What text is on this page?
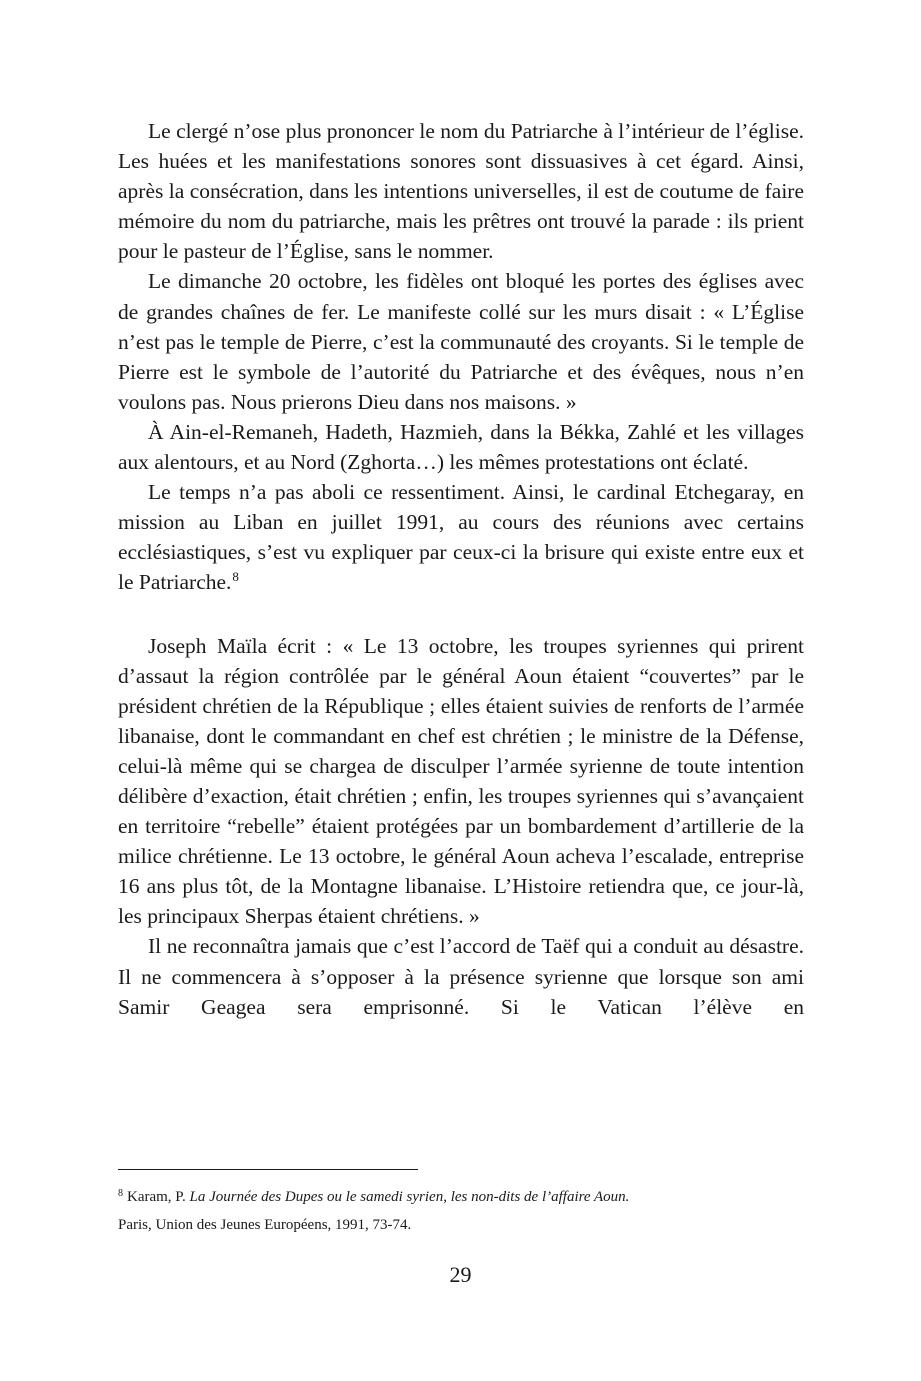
Le clergé n’ose plus prononcer le nom du Patriarche à l’intérieur de l’église. Les huées et les manifestations sonores sont dissuasives à cet égard. Ainsi, après la consécration, dans les intentions universelles, il est de coutume de faire mémoire du nom du patriarche, mais les prêtres ont trouvé la parade : ils prient pour le pasteur de l’Église, sans le nommer.

Le dimanche 20 octobre, les fidèles ont bloqué les portes des églises avec de grandes chaînes de fer. Le manifeste collé sur les murs disait : « L’Église n’est pas le temple de Pierre, c’est la communauté des croyants. Si le temple de Pierre est le symbole de l’autorité du Patriarche et des évêques, nous n’en voulons pas. Nous prierons Dieu dans nos maisons. »

À Ain-el-Remaneh, Hadeth, Hazmieh, dans la Békka, Zahlé et les villages aux alentours, et au Nord (Zghorta…) les mêmes protestations ont éclaté.

Le temps n’a pas aboli ce ressentiment. Ainsi, le cardinal Etchegaray, en mission au Liban en juillet 1991, au cours des réunions avec certains ecclésiastiques, s’est vu expliquer par ceux-ci la brisure qui existe entre eux et le Patriarche.$^8$

Joseph Maïla écrit : « Le 13 octobre, les troupes syriennes qui prirent d’assaut la région contrôlée par le général Aoun étaient “couvertes” par le président chrétien de la République ; elles étaient suivies de renforts de l’armée libanaise, dont le commandant en chef est chrétien ; le ministre de la Défense, celui-là même qui se chargea de disculper l’armée syrienne de toute intention délibère d’exaction, était chrétien ; enfin, les troupes syriennes qui s’avançaient en territoire “rebelle” étaient protégées par un bombardement d’artillerie de la milice chrétienne. Le 13 octobre, le général Aoun acheva l’escalade, entreprise 16 ans plus tôt, de la Montagne libanaise. L’Histoire retiendra que, ce jour-là, les principaux Sherpas étaient chrétiens. »

Il ne reconnaîtra jamais que c’est l’accord de Taëf qui a conduit au désastre. Il ne commencera à s’opposer à la présence syrienne que lorsque son ami Samir Geagea sera emprisonné. Si le Vatican l’élève en

$^8$ Karam, P. La Journée des Dupes ou le samedi syrien, les non-dits de l’affaire Aoun.
Paris, Union des Jeunes Européens, 1991, 73-74.
29
